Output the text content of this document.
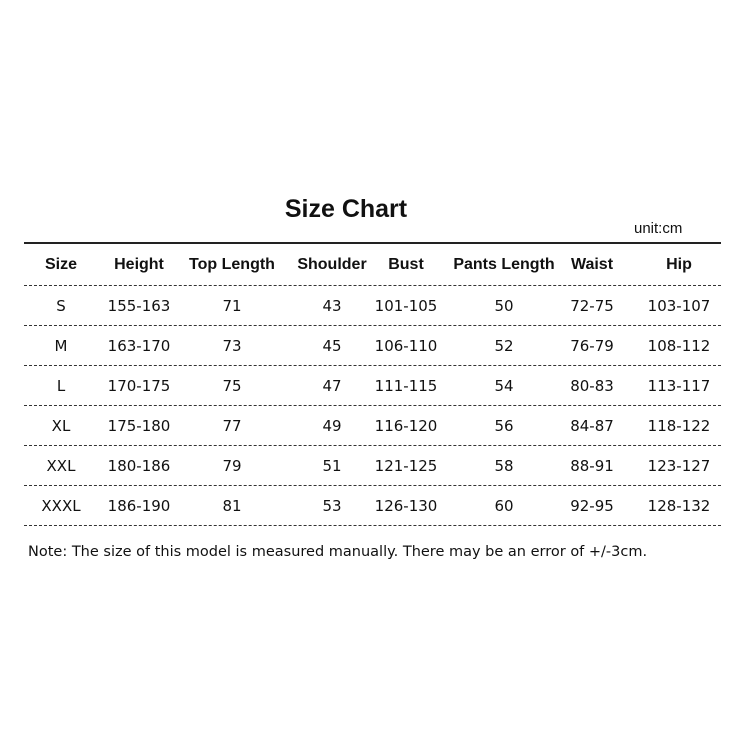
Size Chart
unit:cm
Size	Height	Top Length	Shoulder	Bust	Pants Length	Waist	Hip
S	155-163	71	43	101-105	50	72-75	103-107
M	163-170	73	45	106-110	52	76-79	108-112
L	170-175	75	47	111-115	54	80-83	113-117
XL	175-180	77	49	116-120	56	84-87	118-122
XXL	180-186	79	51	121-125	58	88-91	123-127
XXXL	186-190	81	53	126-130	60	92-95	128-132
Note: The size of this model is measured manually. There may be an error of +/-3cm.
